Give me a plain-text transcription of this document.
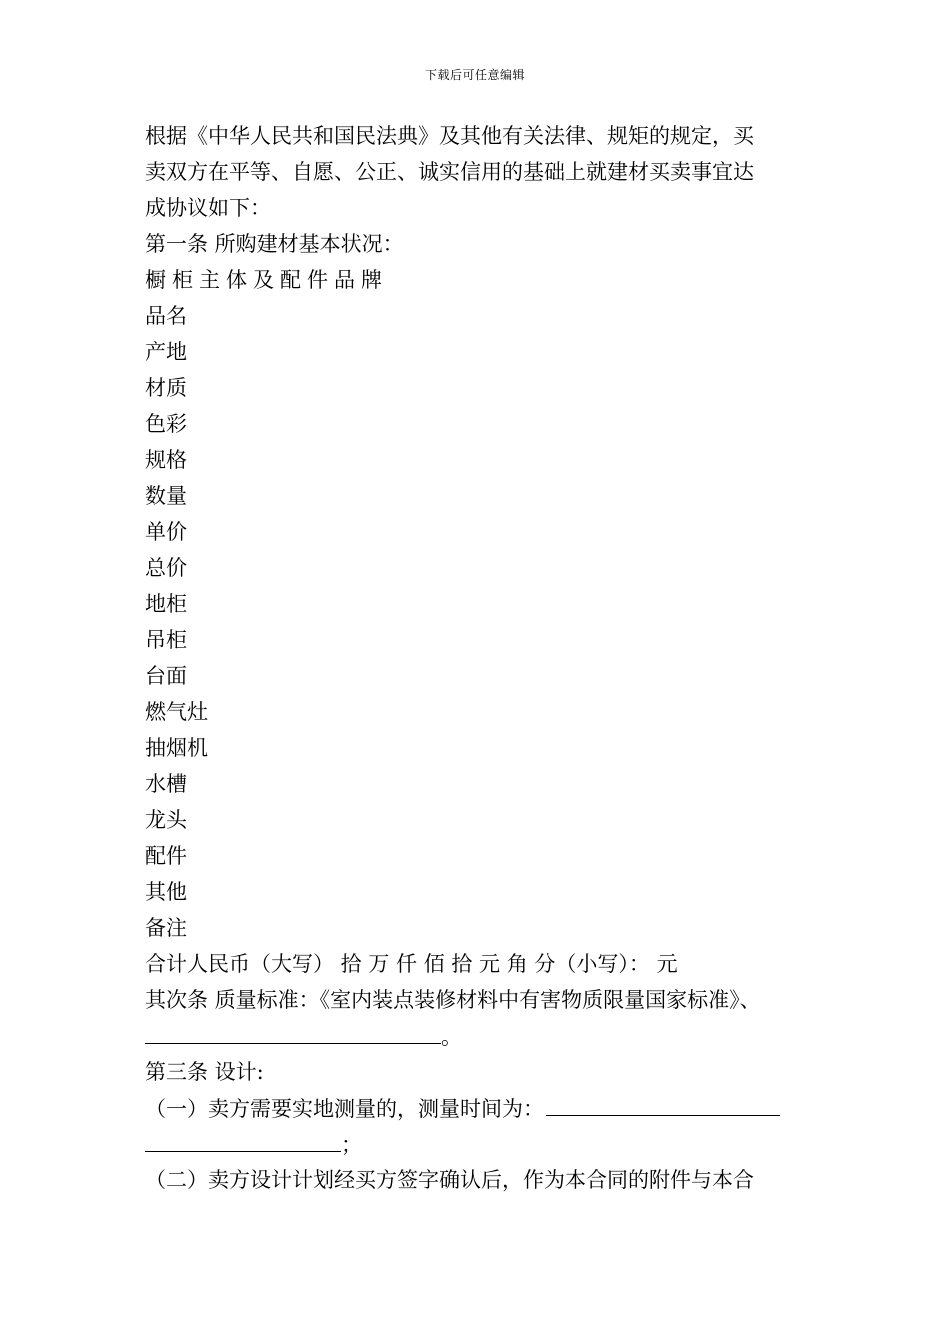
下载后可任意编辑
根据《中华人民共和国民法典》及其他有关法律、规矩的规定，买
卖双方在平等、自愿、公正、诚实信用的基础上就建材买卖事宜达
成协议如下：
第一条 所购建材基本状况：
橱柜主体及配件品牌
品名
产地
材质
色彩
规格
数量
单价
总价
地柜
吊柜
台面
燃气灶
抽烟机
水槽
龙头
配件
其他
备注
合计人民币（大写） 拾 万 仟 佰 拾 元 角 分（小写）： 元
其次条 质量标准：《室内装点装修材料中有害物质限量国家标准》、
。
第三条 设计:
（一）卖方需要实地测量的，测量时间为：
；
（二）卖方设计计划经买方签字确认后，作为本合同的附件与本合
